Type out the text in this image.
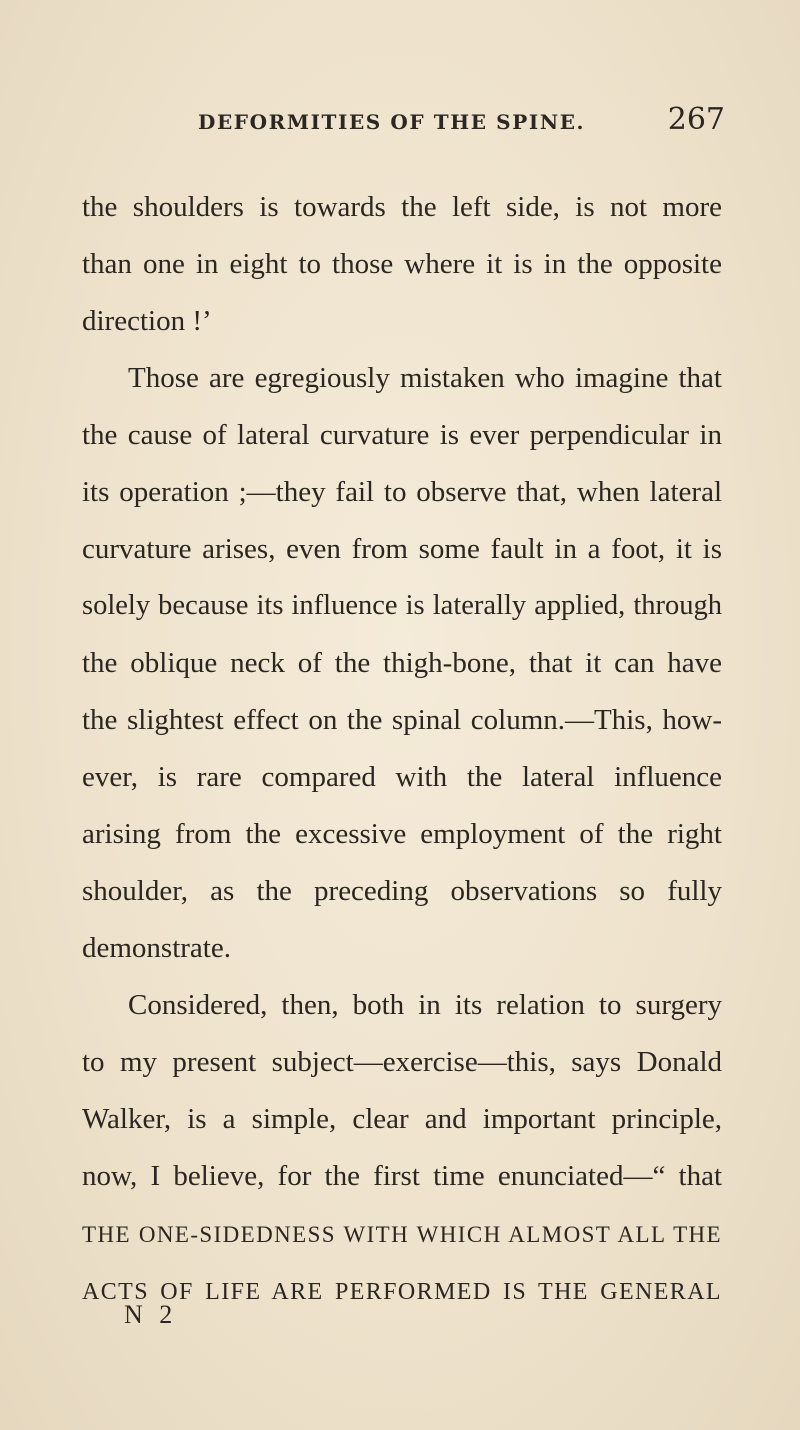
DEFORMITIES OF THE SPINE.	267
the shoulders is towards the left side, is not more
than one in eight to those where it is in the opposite
direction !’
Those are egregiously mistaken who imagine that
the cause of lateral curvature is ever perpendicular in
its operation ;—they fail to observe that, when lateral
curvature arises, even from some fault in a foot, it is
solely because its influence is laterally applied, through
the oblique neck of the thigh-bone, that it can have
the slightest effect on the spinal column.—This, how-
ever, is rare compared with the lateral influence
arising from the excessive employment of the right
shoulder, as the preceding observations so fully
demonstrate.
Considered, then, both in its relation to surgery
to my present subject—exercise—this, says Donald
Walker, is a simple, clear and important principle,
now, I believe, for the first time enunciated—“ that
THE ONE-SIDEDNESS WITH WHICH ALMOST ALL THE
ACTS OF LIFE ARE PERFORMED IS THE GENERAL
N 2
